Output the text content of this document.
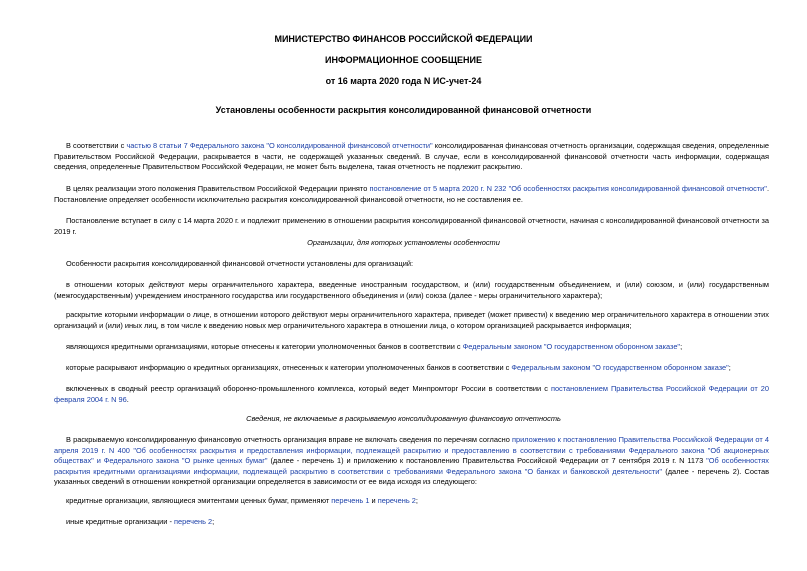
МИНИСТЕРСТВО ФИНАНСОВ РОССИЙСКОЙ ФЕДЕРАЦИИ
ИНФОРМАЦИОННОЕ СООБЩЕНИЕ
от 16 марта 2020 года N ИС-учет-24
Установлены особенности раскрытия консолидированной финансовой отчетности

В соответствии с частью 8 статьи 7 Федерального закона "О консолидированной финансовой отчетности" консолидированная финансовая отчетность организации, содержащая сведения, определенные Правительством Российской Федерации, раскрывается в части, не содержащей указанных сведений. В случае, если в консолидированной финансовой отчетности часть информации, содержащая сведения, определенные Правительством Российской Федерации, не может быть выделена, такая отчетность не подлежит раскрытию.

В целях реализации этого положения Правительством Российской Федерации принято постановление от 5 марта 2020 г. N 232 "Об особенностях раскрытия консолидированной финансовой отчетности". Постановление определяет особенности исключительно раскрытия консолидированной финансовой отчетности, но не составления ее.

Постановление вступает в силу с 14 марта 2020 г. и подлежит применению в отношении раскрытия консолидированной финансовой отчетности, начиная с консолидированной финансовой отчетности за 2019 г.

Организации, для которых установлены особенности

Особенности раскрытия консолидированной финансовой отчетности установлены для организаций:

в отношении которых действуют меры ограничительного характера, введенные иностранным государством, и (или) государственным объединением, и (или) союзом, и (или) государственным (межгосударственным) учреждением иностранного государства или государственного объединения и (или) союза (далее - меры ограничительного характера);

раскрытие которыми информации о лице, в отношении которого действуют меры ограничительного характера, приведет (может привести) к введению мер ограничительного характера в отношении этих организаций и (или) иных лиц, в том числе к введению новых мер ограничительного характера в отношении лица, о котором организацией раскрывается информация;

являющихся кредитными организациями, которые отнесены к категории уполномоченных банков в соответствии с Федеральным законом "О государственном оборонном заказе";

которые раскрывают информацию о кредитных организациях, отнесенных к категории уполномоченных банков в соответствии с Федеральным законом "О государственном оборонном заказе";

включенных в сводный реестр организаций оборонно-промышленного комплекса, который ведет Минпромторг России в соответствии с постановлением Правительства Российской Федерации от 20 февраля 2004 г. N 96.

Сведения, не включаемые в раскрываемую консолидированную финансовую отчетность

В раскрываемую консолидированную финансовую отчетность организация вправе не включать сведения по перечням согласно приложению к постановлению Правительства Российской Федерации от 4 апреля 2019 г. N 400 "Об особенностях раскрытия и предоставления информации, подлежащей раскрытию и предоставлению в соответствии с требованиями Федерального закона "Об акционерных обществах" и Федерального закона "О рынке ценных бумаг" (далее - перечень 1) и приложению к постановлению Правительства Российской Федерации от 7 сентября 2019 г. N 1173 "Об особенностях раскрытия кредитными организациями информации, подлежащей раскрытию в соответствии с требованиями Федерального закона "О банках и банковской деятельности" (далее - перечень 2). Состав указанных сведений в отношении конкретной организации определяется в зависимости от ее вида исходя из следующего:

кредитные организации, являющиеся эмитентами ценных бумаг, применяют перечень 1 и перечень 2;

иные кредитные организации - перечень 2;
